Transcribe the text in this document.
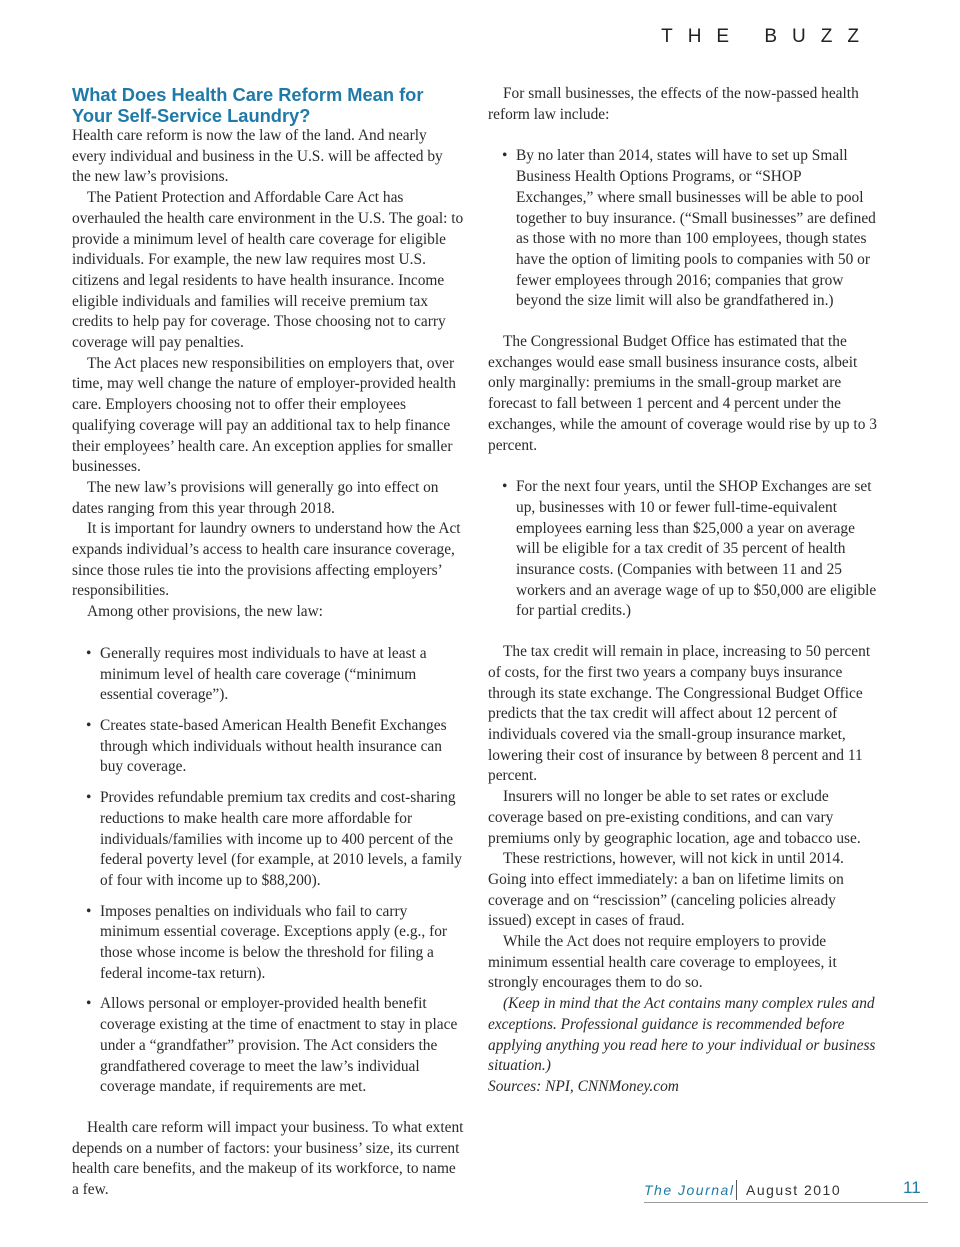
THE BUZZ
What Does Health Care Reform Mean for Your Self-Service Laundry?

Health care reform is now the law of the land. And nearly every individual and business in the U.S. will be affected by the new law’s provisions.

The Patient Protection and Affordable Care Act has overhauled the health care environment in the U.S. The goal: to provide a minimum level of health care coverage for eligible individuals. For example, the new law requires most U.S. citizens and legal residents to have health insurance. Income eligible individuals and families will receive premium tax credits to help pay for coverage. Those choosing not to carry coverage will pay penalties.

The Act places new responsibilities on employers that, over time, may well change the nature of employer-provided health care. Employers choosing not to offer their employees qualifying coverage will pay an additional tax to help finance their employees’ health care. An exception applies for smaller businesses.

The new law’s provisions will generally go into effect on dates ranging from this year through 2018.

It is important for laundry owners to understand how the Act expands individual’s access to health care insurance coverage, since those rules tie into the provisions affecting employers’ responsibilities.

Among other provisions, the new law:

• Generally requires most individuals to have at least a minimum level of health care coverage (“minimum essential coverage”).
• Creates state-based American Health Benefit Exchanges through which individuals without health insurance can buy coverage.
• Provides refundable premium tax credits and cost-sharing reductions to make health care more affordable for individuals/families with income up to 400 percent of the federal poverty level (for example, at 2010 levels, a family of four with income up to $88,200).
• Imposes penalties on individuals who fail to carry minimum essential coverage. Exceptions apply (e.g., for those whose income is below the threshold for filing a federal income-tax return).
• Allows personal or employer-provided health benefit coverage existing at the time of enactment to stay in place under a “grandfather” provision. The Act considers the grandfathered coverage to meet the law’s individual coverage mandate, if requirements are met.

Health care reform will impact your business. To what extent depends on a number of factors: your business’ size, its current health care benefits, and the makeup of its workforce, to name a few.

For small businesses, the effects of the now-passed health reform law include:

• By no later than 2014, states will have to set up Small Business Health Options Programs, or “SHOP Exchanges,” where small businesses will be able to pool together to buy insurance. (“Small businesses” are defined as those with no more than 100 employees, though states have the option of limiting pools to companies with 50 or fewer employees through 2016; companies that grow beyond the size limit will also be grandfathered in.)

The Congressional Budget Office has estimated that the exchanges would ease small business insurance costs, albeit only marginally: premiums in the small-group market are forecast to fall between 1 percent and 4 percent under the exchanges, while the amount of coverage would rise by up to 3 percent.

• For the next four years, until the SHOP Exchanges are set up, businesses with 10 or fewer full-time-equivalent employees earning less than $25,000 a year on average will be eligible for a tax credit of 35 percent of health insurance costs. (Companies with between 11 and 25 workers and an average wage of up to $50,000 are eligible for partial credits.)

The tax credit will remain in place, increasing to 50 percent of costs, for the first two years a company buys insurance through its state exchange. The Congressional Budget Office predicts that the tax credit will affect about 12 percent of individuals covered via the small-group insurance market, lowering their cost of insurance by between 8 percent and 11 percent.

Insurers will no longer be able to set rates or exclude coverage based on pre-existing conditions, and can vary premiums only by geographic location, age and tobacco use.

These restrictions, however, will not kick in until 2014. Going into effect immediately: a ban on lifetime limits on coverage and on “rescission” (canceling policies already issued) except in cases of fraud.

While the Act does not require employers to provide minimum essential health care coverage to employees, it strongly encourages them to do so.

(Keep in mind that the Act contains many complex rules and exceptions. Professional guidance is recommended before applying anything you read here to your individual or business situation.)

Sources: NPI, CNNMoney.com

The Journal August 2010	11
